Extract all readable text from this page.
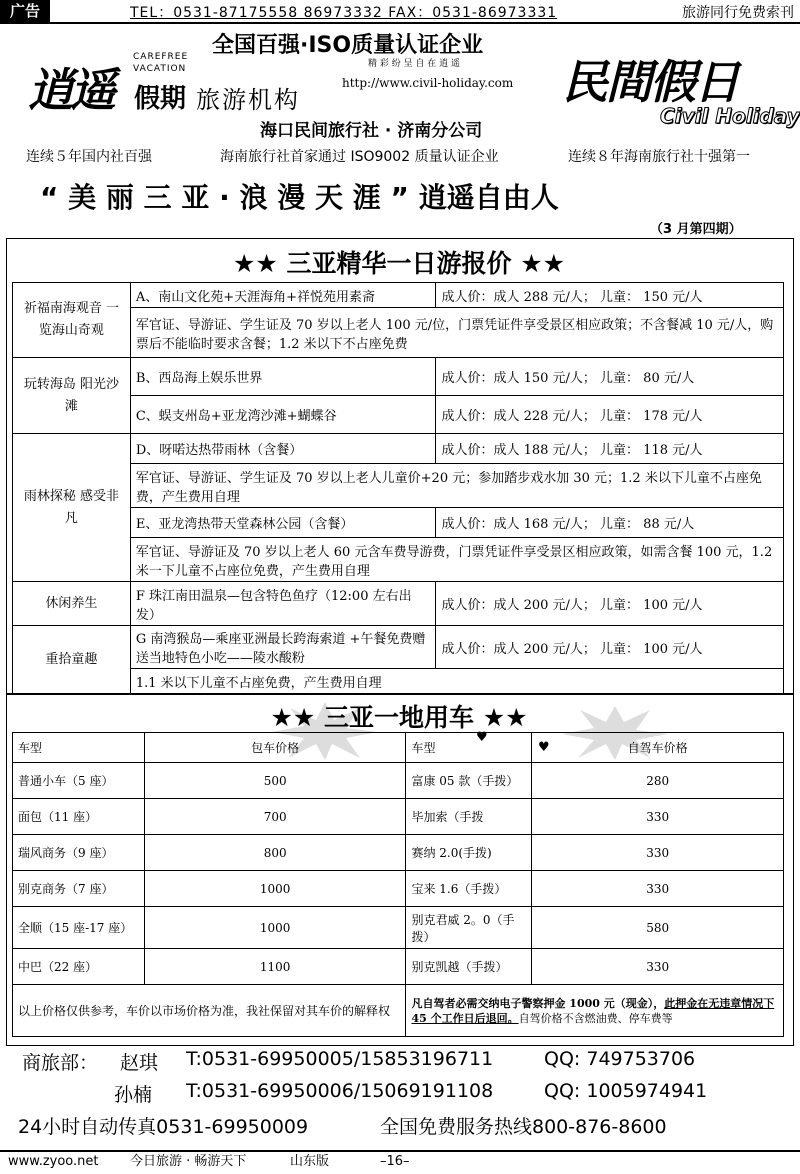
广告	TEL：0531-87175558 86973332 FAX：0531-86973331	旅游同行免费索刊
逍遥
CAREFREE
VACATION
假期 旅游机构
全国百强·ISO质量认证企业
精 彩 纷 呈 自 在 逍 遥
http://www.civil-holiday.com
海口民间旅行社 · 济南分公司
民間假日
Civil Holiday
连续５年国内社百强	海南旅行社首家通过 ISO9002 质量认证企业	连续８年海南旅行社十强第一
“ 美 丽 三 亚 · 浪 漫 天 涯 ” 逍遥自由人
（3 月第四期）
★★ 三亚精华一日游报价 ★★
祈福南海观音 一览海山奇观	A、南山文化苑+天涯海角+祥悦苑用素斋	成人价：成人 288 元/人； 儿童： 150 元/人
	军官证、导游证、学生证及 70 岁以上老人 100 元/位，门票凭证件享受景区相应政策；不含餐减 10 元/人，购票后不能临时要求含餐；1.2 米以下不占座免费	
玩转海岛 阳光沙滩	B、西岛海上娱乐世界	成人价：成人 150 元/人； 儿童： 80 元/人
	C、蜈支州岛+亚龙湾沙滩+蝴蝶谷	成人价：成人 228 元/人； 儿童： 178 元/人
雨林探秘 感受非凡	D、呀喏达热带雨林（含餐）	成人价：成人 188 元/人； 儿童： 118 元/人
	军官证、导游证、学生证及 70 岁以上老人儿童价+20 元；参加踏步戏水加 30 元；1.2 米以下儿童不占座免费，产生费用自理	
	E、亚龙湾热带天堂森林公园（含餐）	成人价：成人 168 元/人； 儿童： 88 元/人
	军官证、导游证及 70 岁以上老人 60 元含车费导游费，门票凭证件享受景区相应政策，如需含餐 100 元，1.2 米一下儿童不占座位免费，产生费用自理	
休闲养生	F 珠江南田温泉—包含特色鱼疗（12:00 左右出发）	成人价：成人 200 元/人； 儿童： 100 元/人
重拾童趣	G 南湾猴岛—乘座亚洲最长跨海索道 +午餐免费赠送当地特色小吃——陵水酸粉	成人价：成人 200 元/人； 儿童： 100 元/人
	1.1 米以下儿童不占座免费，产生费用自理	
★★ 三亚一地用车 ★★
♥
♥
车型	包车价格	车型	自驾车价格
普通小车（5 座）	500	富康 05 款（手拨）	280
面包（11 座）	700	毕加索（手拨	330
瑞风商务（9 座）	800	赛纳 2.0(手拨)	330
别克商务（7 座）	1000	宝来 1.6（手拨）	330
全顺（15 座-17 座）	1000	别克君威 2。0（手拨）	580
中巴（22 座）	1100	别克凯越（手拨）	330
以上价格仅供参考，车价以市场价格为准，我社保留对其车价的解释权		凡自驾者必需交纳电子警察押金 1000 元（现金），此押金在无违章情况下 45 个工作日后退回。自驾价格不含燃油费、停车费等	
商旅部： 赵琪 T:0531-69950005/15853196711	QQ: 749753706
孙楠 T:0531-69950006/15069191108	QQ: 1005974941
24小时自动传真0531-69950009	全国免费服务热线800-876-8600
www.zyoo.net 今日旅游 · 畅游天下	山东版	–16–
